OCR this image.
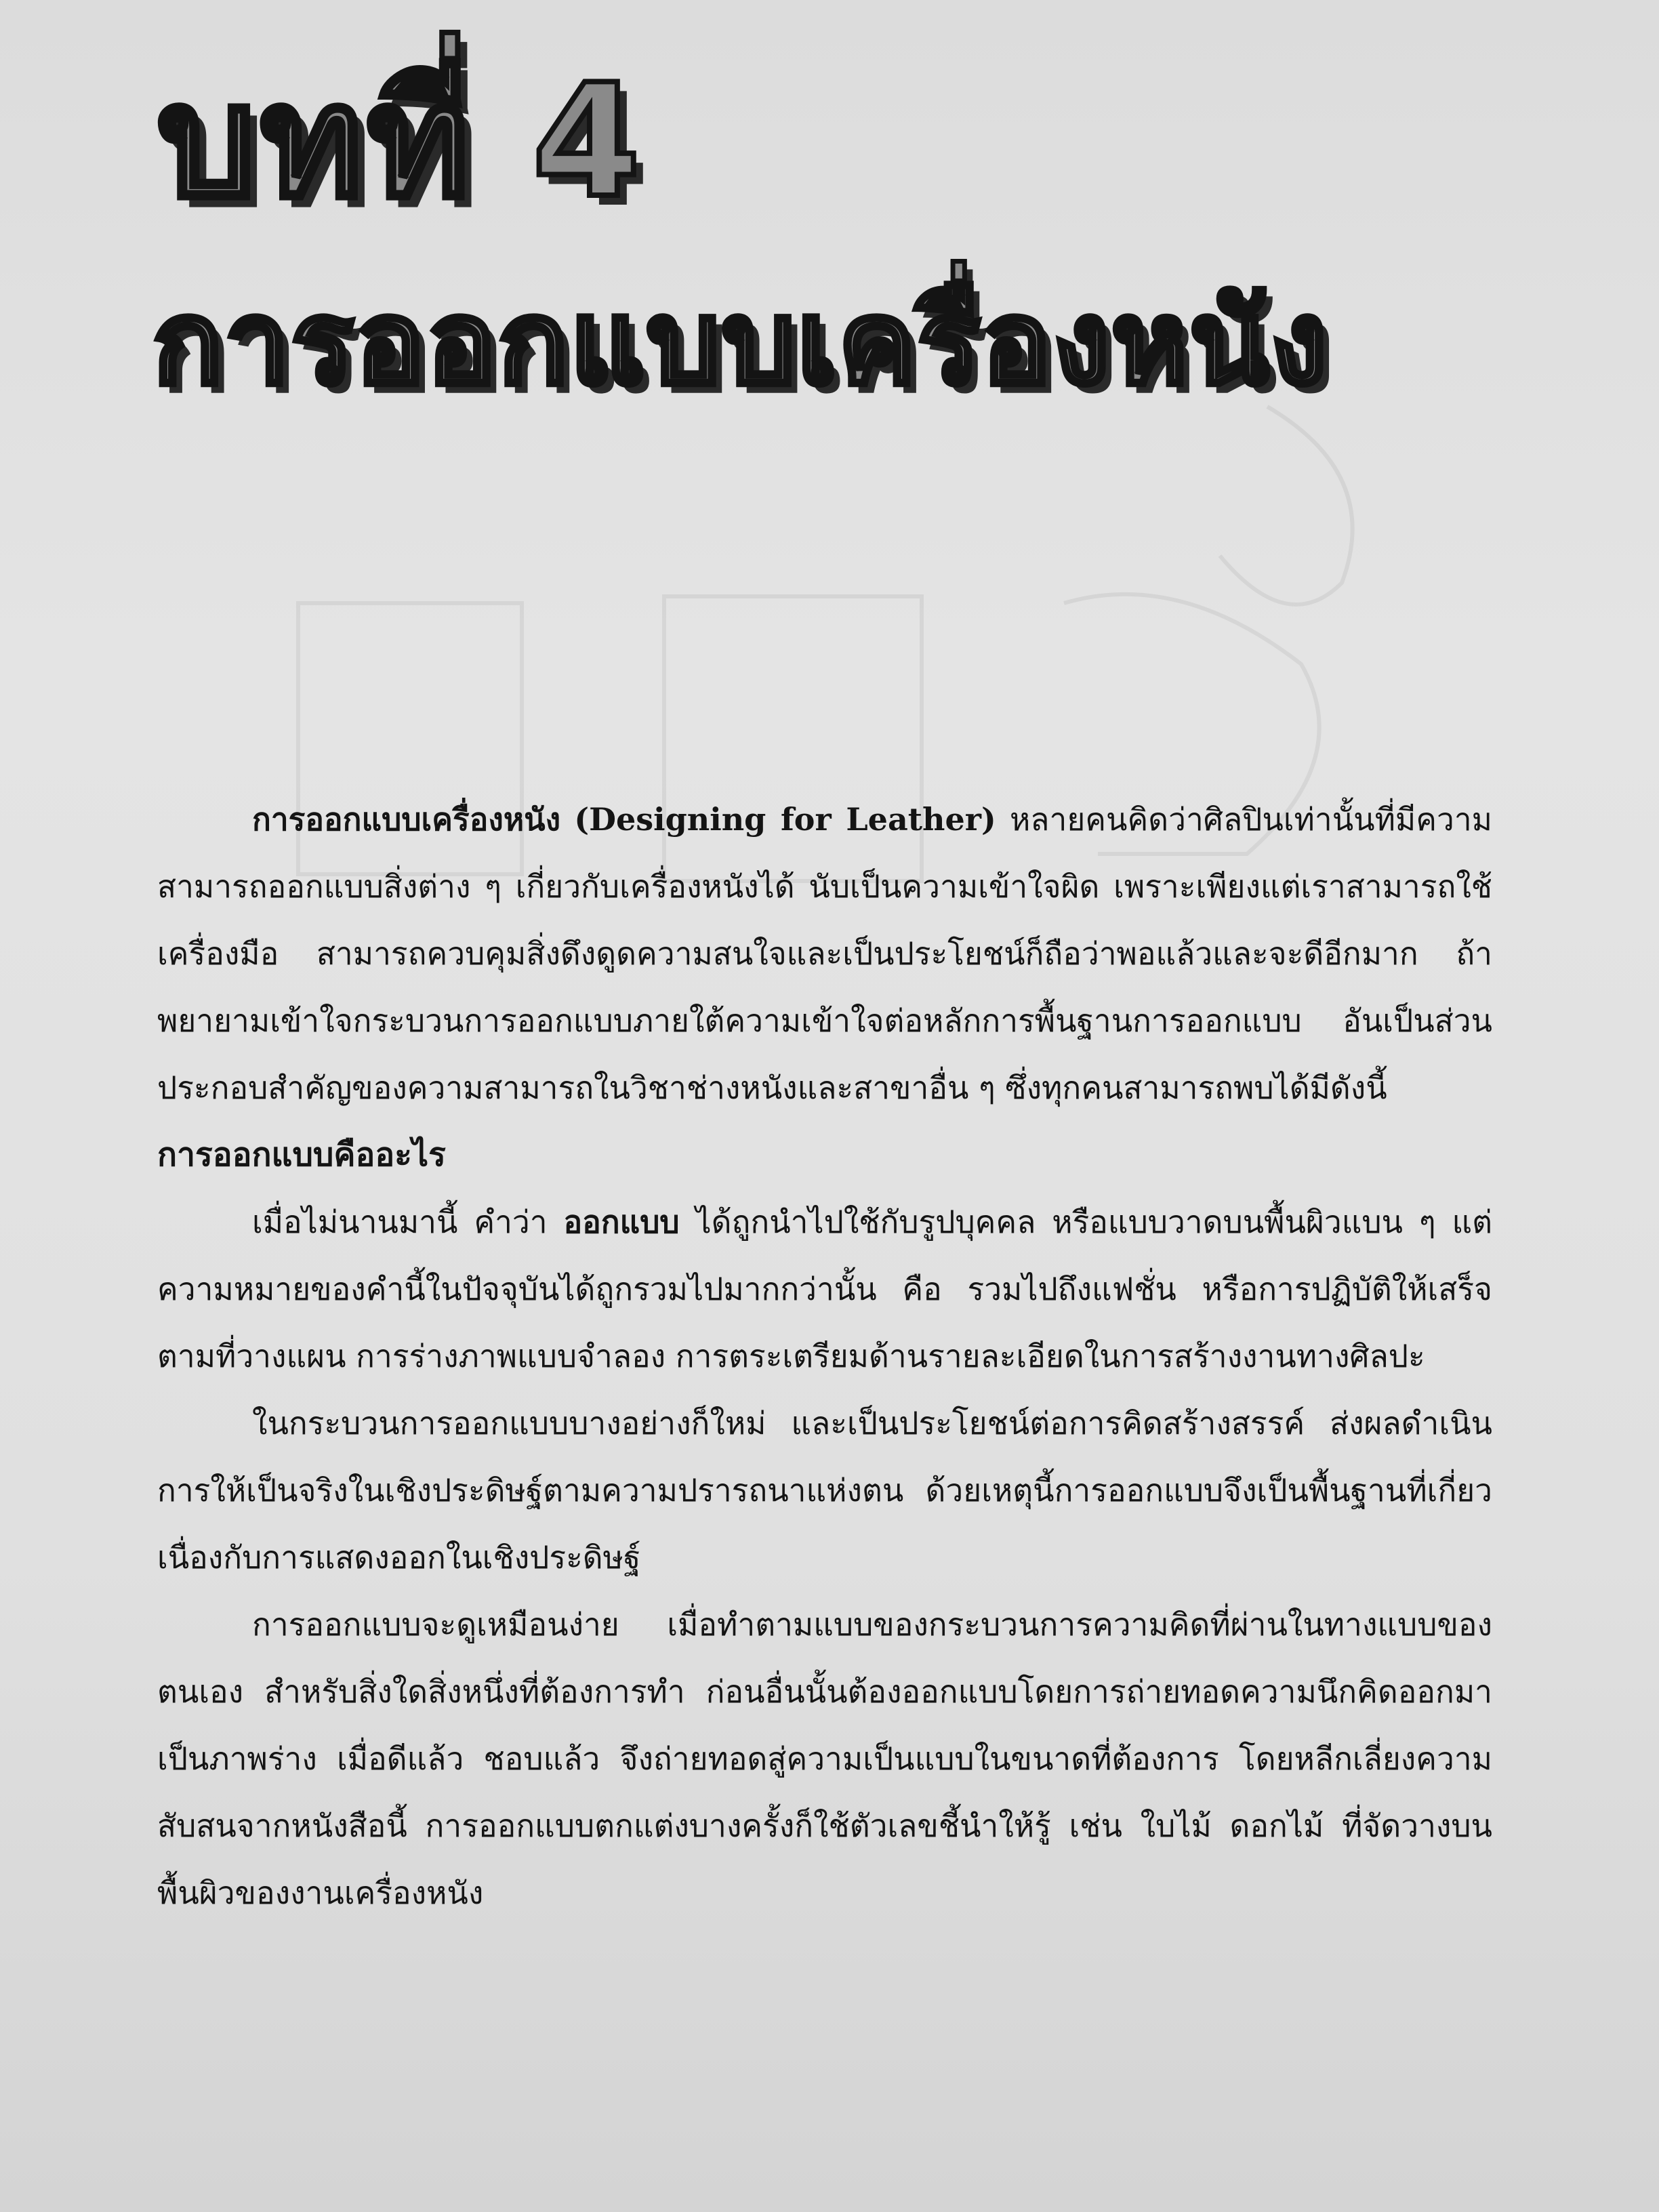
บทที่ 4
การออกแบบเครื่องหนัง

การออกแบบเครื่องหนัง (Designing for Leather) หลายคนคิดว่าศิลปินเท่านั้นที่มีความสามารถออกแบบสิ่งต่าง ๆ เกี่ยวกับเครื่องหนังได้ นับเป็นความเข้าใจผิด เพราะเพียงแต่เราสามารถใช้เครื่องมือ สามารถควบคุมสิ่งดึงดูดความสนใจและเป็นประโยชน์ก็ถือว่าพอแล้วและจะดีอีกมาก ถ้าพยายามเข้าใจกระบวนการออกแบบภายใต้ความเข้าใจต่อหลักการพื้นฐานการออกแบบ อันเป็นส่วนประกอบสำคัญของความสามารถในวิชาช่างหนังและสาขาอื่น ๆ ซึ่งทุกคนสามารถพบได้มีดังนี้

การออกแบบคืออะไร

เมื่อไม่นานมานี้ คำว่า ออกแบบ ได้ถูกนำไปใช้กับรูปบุคคล หรือแบบวาดบนพื้นผิวแบน ๆ แต่ความหมายของคำนี้ในปัจจุบันได้ถูกรวมไปมากกว่านั้น คือ รวมไปถึงแฟชั่น หรือการปฏิบัติให้เสร็จตามที่วางแผน การร่างภาพแบบจำลอง การตระเตรียมด้านรายละเอียดในการสร้างงานทางศิลปะ

ในกระบวนการออกแบบบางอย่างก็ใหม่ และเป็นประโยชน์ต่อการคิดสร้างสรรค์ ส่งผลดำเนินการให้เป็นจริงในเชิงประดิษฐ์ตามความปรารถนาแห่งตน ด้วยเหตุนี้การออกแบบจึงเป็นพื้นฐานที่เกี่ยวเนื่องกับการแสดงออกในเชิงประดิษฐ์

การออกแบบจะดูเหมือนง่าย เมื่อทำตามแบบของกระบวนการความคิดที่ผ่านในทางแบบของตนเอง สำหรับสิ่งใดสิ่งหนึ่งที่ต้องการทำ ก่อนอื่นนั้นต้องออกแบบโดยการถ่ายทอดความนึกคิดออกมาเป็นภาพร่าง เมื่อดีแล้ว ชอบแล้ว จึงถ่ายทอดสู่ความเป็นแบบในขนาดที่ต้องการ โดยหลีกเลี่ยงความสับสนจากหนังสือนี้ การออกแบบตกแต่งบางครั้งก็ใช้ตัวเลขชี้นำให้รู้ เช่น ใบไม้ ดอกไม้ ที่จัดวางบนพื้นผิวของงานเครื่องหนัง
